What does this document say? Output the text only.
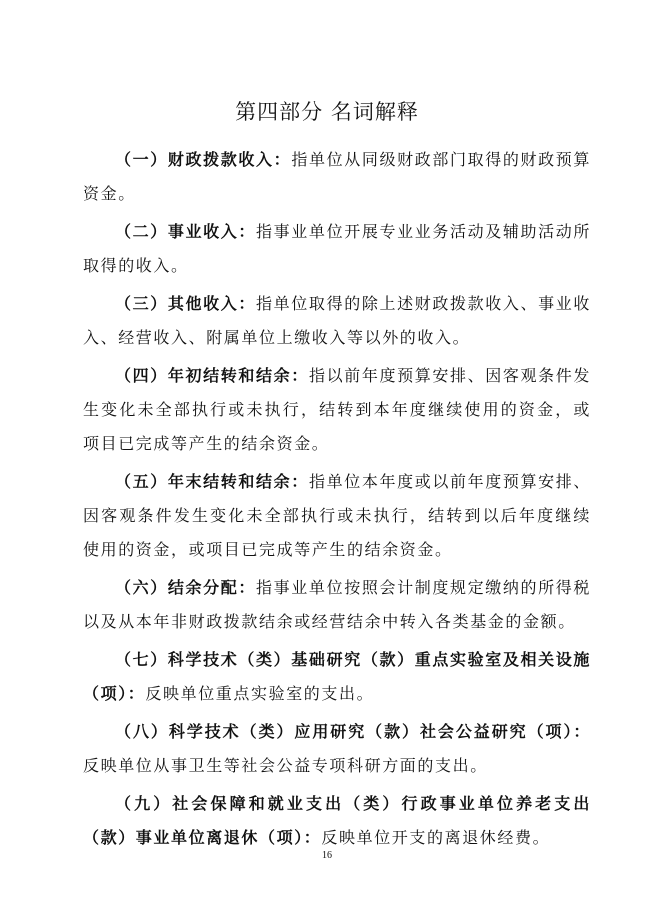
第四部分 名词解释

（一）财政拨款收入：指单位从同级财政部门取得的财政预算资金。

（二）事业收入：指事业单位开展专业业务活动及辅助活动所取得的收入。

（三）其他收入：指单位取得的除上述财政拨款收入、事业收入、经营收入、附属单位上缴收入等以外的收入。

（四）年初结转和结余：指以前年度预算安排、因客观条件发生变化未全部执行或未执行，结转到本年度继续使用的资金，或项目已完成等产生的结余资金。

（五）年末结转和结余：指单位本年度或以前年度预算安排、因客观条件发生变化未全部执行或未执行，结转到以后年度继续使用的资金，或项目已完成等产生的结余资金。

（六）结余分配：指事业单位按照会计制度规定缴纳的所得税以及从本年非财政拨款结余或经营结余中转入各类基金的金额。

（七）科学技术（类）基础研究（款）重点实验室及相关设施（项）：反映单位重点实验室的支出。

（八）科学技术（类）应用研究（款）社会公益研究（项）：反映单位从事卫生等社会公益专项科研方面的支出。

（九）社会保障和就业支出（类）行政事业单位养老支出（款）事业单位离退休（项）：反映单位开支的离退休经费。

16
